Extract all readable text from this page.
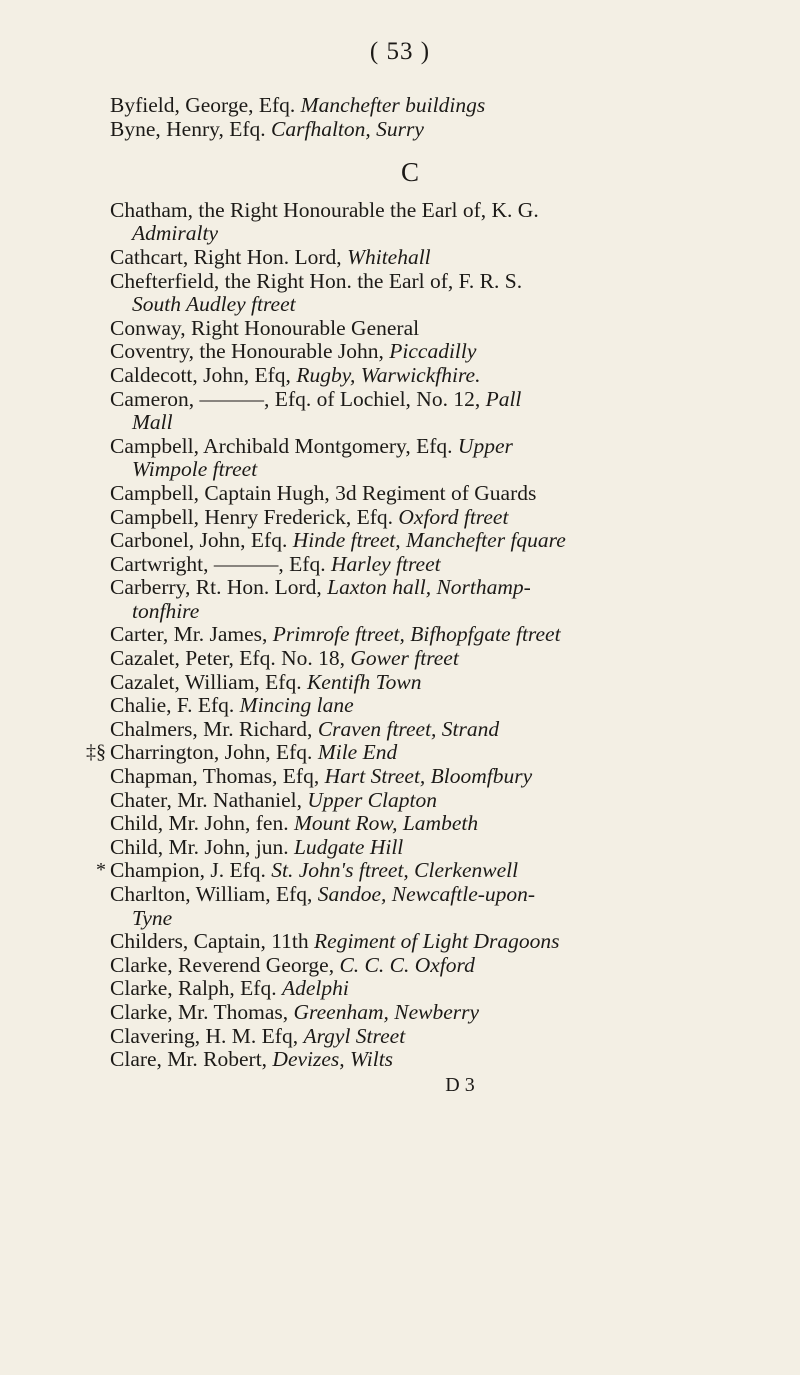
( 53 )
Byfield, George, Efq. Manchefter buildings
Byne, Henry, Efq. Carfhalton, Surry
C
Chatham, the Right Honourable the Earl of, K. G.
Admiralty
Cathcart, Right Hon. Lord, Whitehall
Chefterfield, the Right Hon. the Earl of, F. R. S.
South Audley ftreet
Conway, Right Honourable General
Coventry, the Honourable John, Piccadilly
Caldecott, John, Efq, Rugby, Warwickfhire.
Cameron, ———, Efq. of Lochiel, No. 12, Pall
Mall
Campbell, Archibald Montgomery, Efq. Upper
Wimpole ftreet
Campbell, Captain Hugh, 3d Regiment of Guards
Campbell, Henry Frederick, Efq. Oxford ftreet
Carbonel, John, Efq. Hinde ftreet, Manchefter fquare
Cartwright, ———, Efq. Harley ftreet
Carberry, Rt. Hon. Lord, Laxton hall, Northamp-
tonfhire
Carter, Mr. James, Primrofe ftreet, Bifhopfgate ftreet
Cazalet, Peter, Efq. No. 18, Gower ftreet
Cazalet, William, Efq. Kentifh Town
Chalie, F. Efq. Mincing lane
Chalmers, Mr. Richard, Craven ftreet, Strand
‡§ Charrington, John, Efq. Mile End
Chapman, Thomas, Efq, Hart Street, Bloomfbury
Chater, Mr. Nathaniel, Upper Clapton
Child, Mr. John, fen. Mount Row, Lambeth
Child, Mr. John, jun. Ludgate Hill
* Champion, J. Efq. St. John's ftreet, Clerkenwell
Charlton, William, Efq, Sandoe, Newcaftle-upon-
Tyne
Childers, Captain, 11th Regiment of Light Dragoons
Clarke, Reverend George, C. C. C. Oxford
Clarke, Ralph, Efq. Adelphi
Clarke, Mr. Thomas, Greenham, Newberry
Clavering, H. M. Efq, Argyl Street
Clare, Mr. Robert, Devizes, Wilts
D 3
